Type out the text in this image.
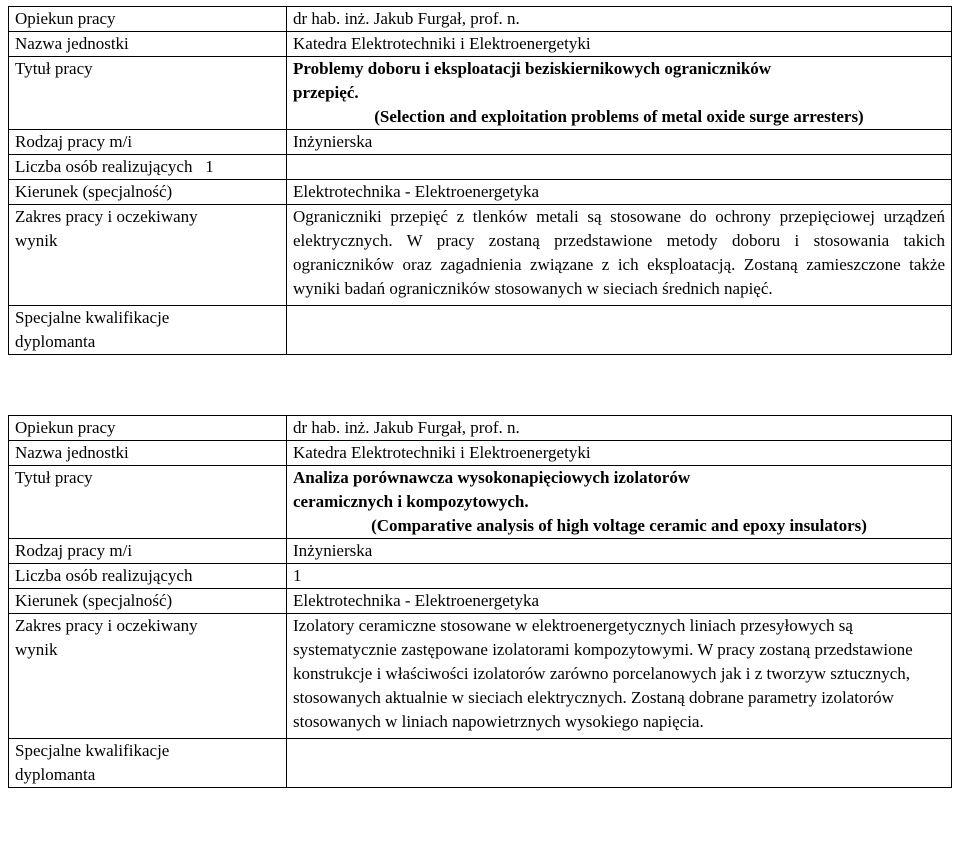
Opiekun pracy	dr hab. inż. Jakub Furgał, prof. n.
Nazwa jednostki	Katedra Elektrotechniki i Elektroenergetyki
Tytuł pracy	Problemy doboru i eksploatacji beziskiernikowych ograniczników
przepięć.
(Selection and exploitation problems of metal oxide surge arresters)

Rodzaj pracy m/i	Inżynierska
Liczba osób realizujących 1	
Kierunek (specjalność)	Elektrotechnika - Elektroenergetyka

Zakres pracy i oczekiwany
wynik	Ograniczniki przepięć z tlenków metali są stosowane do ochrony przepięciowej urządzeń elektrycznych. W pracy zostaną przedstawione metody doboru i stosowania takich ograniczników oraz zagadnienia związane z ich eksploatacją. Zostaną zamieszczone także wyniki badań ograniczników stosowanych w sieciach średnich napięć.

Specjalne kwalifikacje
dyplomanta	

Opiekun pracy	dr hab. inż. Jakub Furgał, prof. n.
Nazwa jednostki	Katedra Elektrotechniki i Elektroenergetyki
Tytuł pracy	Analiza porównawcza wysokonapięciowych izolatorów
ceramicznych i kompozytowych.
(Comparative analysis of high voltage ceramic and epoxy insulators)

Rodzaj pracy m/i	Inżynierska
Liczba osób realizujących	1
Kierunek (specjalność)	Elektrotechnika - Elektroenergetyka

Zakres pracy i oczekiwany
wynik	Izolatory ceramiczne stosowane w elektroenergetycznych liniach przesyłowych są systematycznie zastępowane izolatorami kompozytowymi. W pracy zostaną przedstawione konstrukcje i właściwości izolatorów zarówno porcelanowych jak i z tworzyw sztucznych, stosowanych aktualnie w sieciach elektrycznych. Zostaną dobrane parametry izolatorów stosowanych w liniach napowietrznych wysokiego napięcia.

Specjalne kwalifikacje
dyplomanta	
